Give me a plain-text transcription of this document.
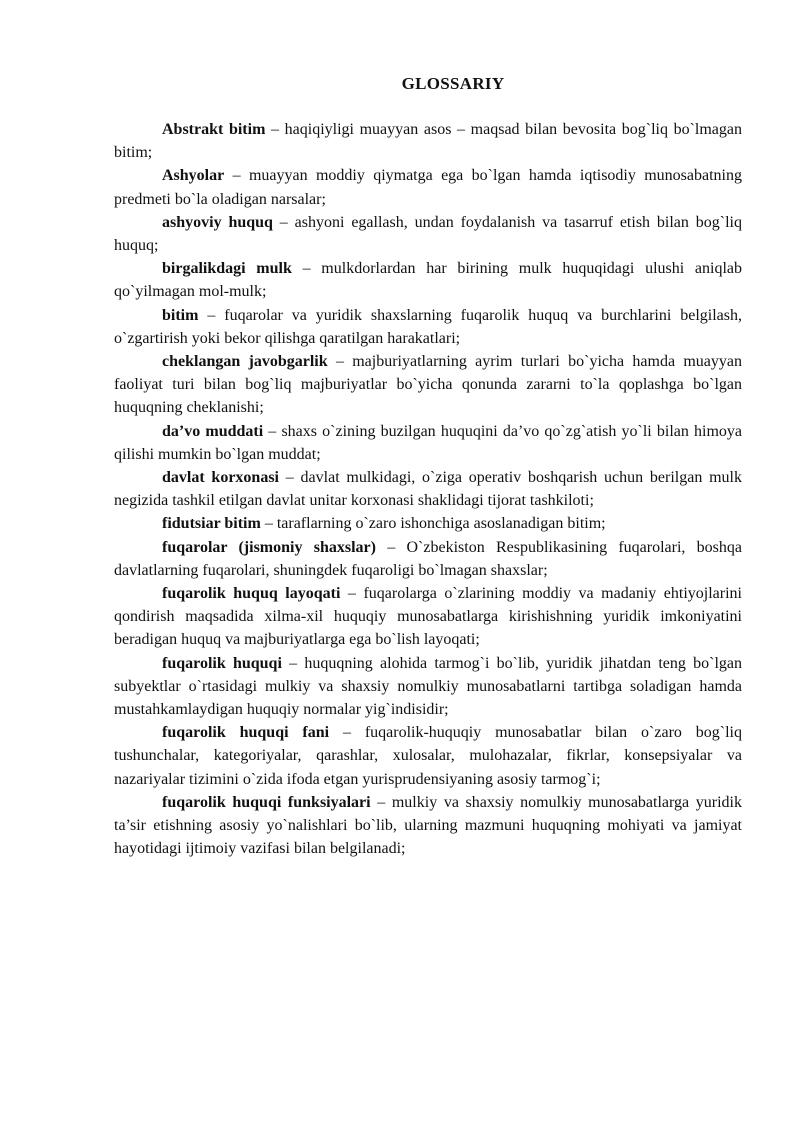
GLOSSARIY

Abstrakt bitim – haqiqiyligi muayyan asos – maqsad bilan bevosita bog`liq bo`lmagan bitim;

Ashyolar – muayyan moddiy qiymatga ega bo`lgan hamda iqtisodiy munosabatning predmeti bo`la oladigan narsalar;

ashyoviy huquq – ashyoni egallash, undan foydalanish va tasarruf etish bilan bog`liq huquq;

birgalikdagi mulk – mulkdorlardan har birining mulk huquqidagi ulushi aniqlab qo`yilmagan mol-mulk;

bitim – fuqarolar va yuridik shaxslarning fuqarolik huquq va burchlarini belgilash, o`zgartirish yoki bekor qilishga qaratilgan harakatlari;

cheklangan javobgarlik – majburiyatlarning ayrim turlari bo`yicha hamda muayyan faoliyat turi bilan bog`liq majburiyatlar bo`yicha qonunda zararni to`la qoplashga bo`lgan huquqning cheklanishi;

da’vo muddati – shaxs o`zining buzilgan huquqini da’vo qo`zg`atish yo`li bilan himoya qilishi mumkin bo`lgan muddat;

davlat korxonasi – davlat mulkidagi, o`ziga operativ boshqarish uchun berilgan mulk negizida tashkil etilgan davlat unitar korxonasi shaklidagi tijorat tashkiloti;

fidutsiar bitim – taraflarning o`zaro ishonchiga asoslanadigan bitim;

fuqarolar (jismoniy shaxslar) – O`zbekiston Respublikasining fuqarolari, boshqa davlatlarning fuqarolari, shuningdek fuqaroligi bo`lmagan shaxslar;

fuqarolik huquq layoqati – fuqarolarga o`zlarining moddiy va madaniy ehtiyojlarini qondirish maqsadida xilma-xil huquqiy munosabatlarga kirishishning yuridik imkoniyatini beradigan huquq va majburiyatlarga ega bo`lish layoqati;

fuqarolik huquqi – huquqning alohida tarmog`i bo`lib, yuridik jihatdan teng bo`lgan subyektlar o`rtasidagi mulkiy va shaxsiy nomulkiy munosabatlarni tartibga soladigan hamda mustahkamlaydigan huquqiy normalar yig`indisidir;

fuqarolik huquqi fani – fuqarolik-huquqiy munosabatlar bilan o`zaro bog`liq tushunchalar, kategoriyalar, qarashlar, xulosalar, mulohazalar, fikrlar, konsepsiyalar va nazariyalar tizimini o`zida ifoda etgan yurisprudensiyaning asosiy tarmog`i;

fuqarolik huquqi funksiyalari – mulkiy va shaxsiy nomulkiy munosabatlarga yuridik ta’sir etishning asosiy yo`nalishlari bo`lib, ularning mazmuni huquqning mohiyati va jamiyat hayotidagi ijtimoiy vazifasi bilan belgilanadi;
